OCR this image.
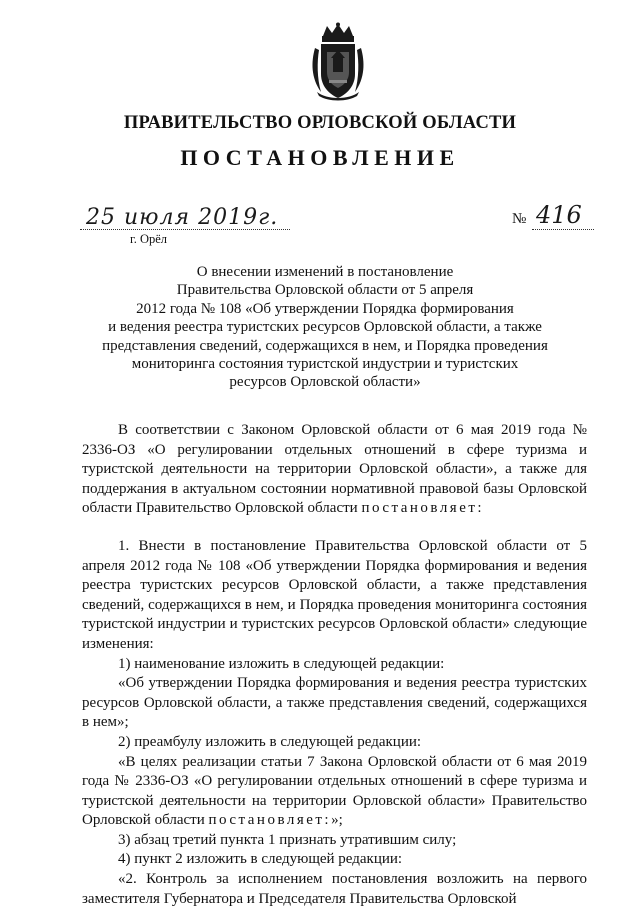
ПРАВИТЕЛЬСТВО ОРЛОВСКОЙ ОБЛАСТИ
ПОСТАНОВЛЕНИЕ
25 июля 2019г.	№ 416
г. Орёл
О внесении изменений в постановление
Правительства Орловской области от 5 апреля
2012 года № 108 «Об утверждении Порядка формирования
и ведения реестра туристских ресурсов Орловской области, а также
представления сведений, содержащихся в нем, и Порядка проведения
мониторинга состояния туристской индустрии и туристских
ресурсов Орловской области»

В соответствии с Законом Орловской области от 6 мая 2019 года № 2336-ОЗ «О регулировании отдельных отношений в сфере туризма и туристской деятельности на территории Орловской области», а также для поддержания в актуальном состоянии нормативной правовой базы Орловской области Правительство Орловской области постановляет:

1. Внести в постановление Правительства Орловской области от 5 апреля 2012 года № 108 «Об утверждении Порядка формирования и ведения реестра туристских ресурсов Орловской области, а также представления сведений, содержащихся в нем, и Порядка проведения мониторинга состояния туристской индустрии и туристских ресурсов Орловской области» следующие изменения:

1) наименование изложить в следующей редакции:

«Об утверждении Порядка формирования и ведения реестра туристских ресурсов Орловской области, а также представления сведений, содержащихся в нем»;

2) преамбулу изложить в следующей редакции:

«В целях реализации статьи 7 Закона Орловской области от 6 мая 2019 года № 2336-ОЗ «О регулировании отдельных отношений в сфере туризма и туристской деятельности на территории Орловской области» Правительство Орловской области постановляет:»;

3) абзац третий пункта 1 признать утратившим силу;

4) пункт 2 изложить в следующей редакции:

«2. Контроль за исполнением постановления возложить на первого заместителя Губернатора и Председателя Правительства Орловской
